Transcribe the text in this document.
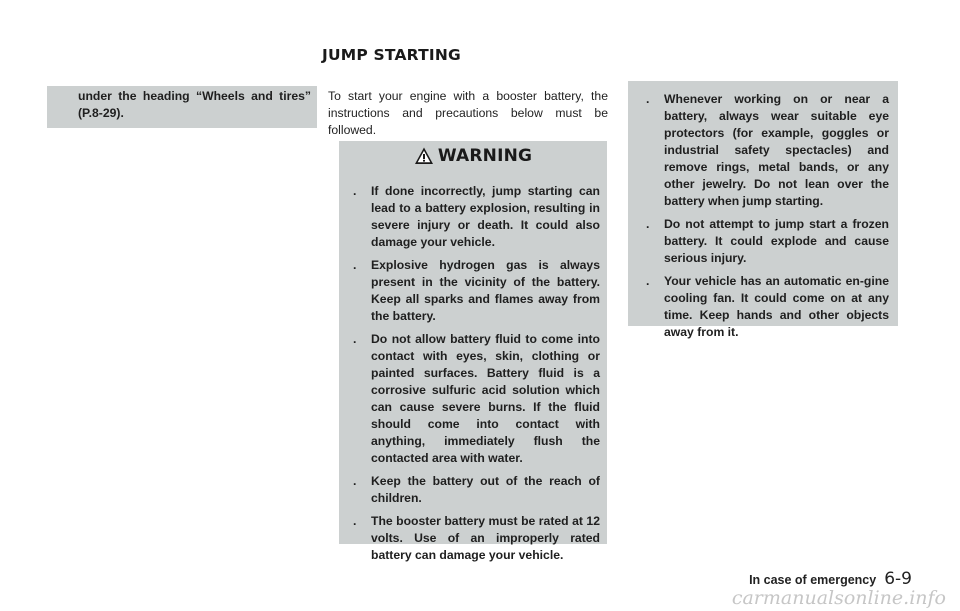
JUMP STARTING
under the heading “Wheels and tires” (P.8-29).
To start your engine with a booster battery, the instructions and precautions below must be followed.
WARNING
. If done incorrectly, jump starting can lead to a battery explosion, resulting in severe injury or death. It could also damage your vehicle.
. Explosive hydrogen gas is always present in the vicinity of the battery. Keep all sparks and flames away from the battery.
. Do not allow battery fluid to come into contact with eyes, skin, clothing or painted surfaces. Battery fluid is a corrosive sulfuric acid solution which can cause severe burns. If the fluid should come into contact with anything, immediately flush the contacted area with water.
. Keep the battery out of the reach of children.
. The booster battery must be rated at 12 volts. Use of an improperly rated battery can damage your vehicle.
. Whenever working on or near a battery, always wear suitable eye protectors (for example, goggles or industrial safety spectacles) and remove rings, metal bands, or any other jewelry. Do not lean over the battery when jump starting.
. Do not attempt to jump start a frozen battery. It could explode and cause serious injury.
. Your vehicle has an automatic en-gine cooling fan. It could come on at any time. Keep hands and other objects away from it.
In case of emergency 6-9
carmanualsonline.info
